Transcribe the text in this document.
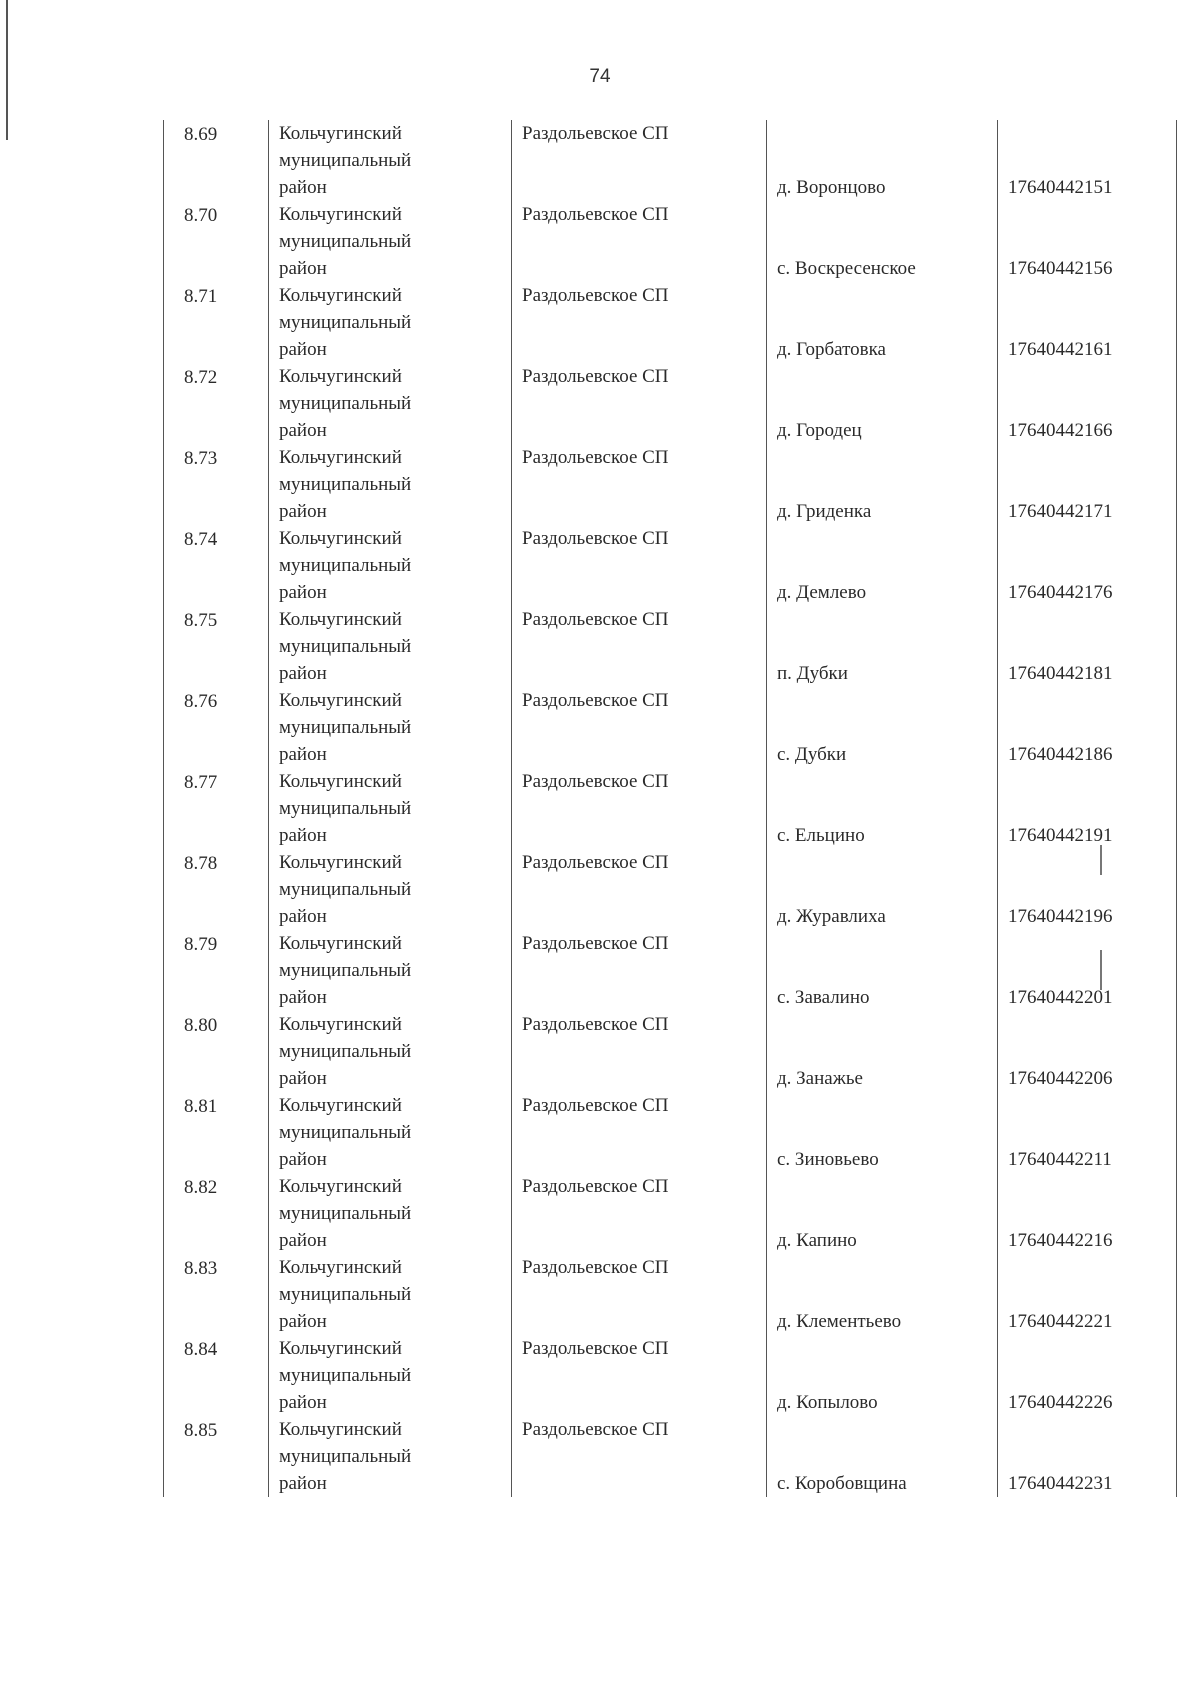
74
8.69	Кольчугинский муниципальный район	Раздольевское СП	д. Воронцово	17640442151

8.70	Кольчугинский муниципальный район	Раздольевское СП	с. Воскресенское	17640442156

8.71	Кольчугинский муниципальный район	Раздольевское СП	д. Горбатовка	17640442161

8.72	Кольчугинский муниципальный район	Раздольевское СП	д. Городец	17640442166

8.73	Кольчугинский муниципальный район	Раздольевское СП	д. Гриденка	17640442171

8.74	Кольчугинский муниципальный район	Раздольевское СП	д. Демлево	17640442176

8.75	Кольчугинский муниципальный район	Раздольевское СП	п. Дубки	17640442181

8.76	Кольчугинский муниципальный район	Раздольевское СП	с. Дубки	17640442186

8.77	Кольчугинский муниципальный район	Раздольевское СП	с. Ельцино	17640442191

8.78	Кольчугинский муниципальный район	Раздольевское СП	д. Журавлиха	17640442196

8.79	Кольчугинский муниципальный район	Раздольевское СП	с. Завалино	17640442201

8.80	Кольчугинский муниципальный район	Раздольевское СП	д. Занажье	17640442206

8.81	Кольчугинский муниципальный район	Раздольевское СП	с. Зиновьево	17640442211

8.82	Кольчугинский муниципальный район	Раздольевское СП	д. Капино	17640442216

8.83	Кольчугинский муниципальный район	Раздольевское СП	д. Клементьево	17640442221

8.84	Кольчугинский муниципальный район	Раздольевское СП	д. Копылово	17640442226

8.85	Кольчугинский муниципальный район	Раздольевское СП	с. Коробовщина	17640442231
